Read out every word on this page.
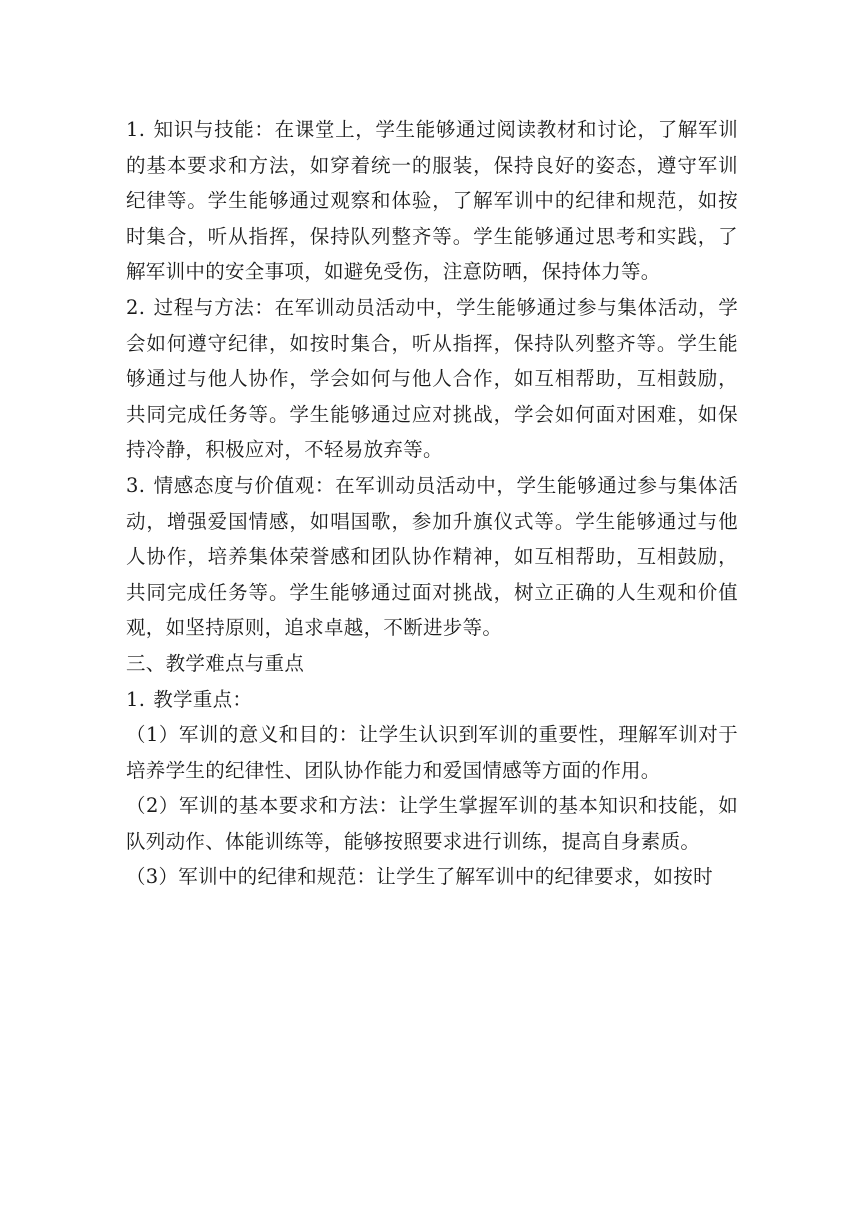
1. 知识与技能：在课堂上，学生能够通过阅读教材和讨论，了解军训的基本要求和方法，如穿着统一的服装，保持良好的姿态，遵守军训纪律等。学生能够通过观察和体验，了解军训中的纪律和规范，如按时集合，听从指挥，保持队列整齐等。学生能够通过思考和实践，了解军训中的安全事项，如避免受伤，注意防晒，保持体力等。

2. 过程与方法：在军训动员活动中，学生能够通过参与集体活动，学会如何遵守纪律，如按时集合，听从指挥，保持队列整齐等。学生能够通过与他人协作，学会如何与他人合作，如互相帮助，互相鼓励，共同完成任务等。学生能够通过应对挑战，学会如何面对困难，如保持冷静，积极应对，不轻易放弃等。

3. 情感态度与价值观：在军训动员活动中，学生能够通过参与集体活动，增强爱国情感，如唱国歌，参加升旗仪式等。学生能够通过与他人协作，培养集体荣誉感和团队协作精神，如互相帮助，互相鼓励，共同完成任务等。学生能够通过面对挑战，树立正确的人生观和价值观，如坚持原则，追求卓越，不断进步等。

三、教学难点与重点

1. 教学重点：

（1）军训的意义和目的：让学生认识到军训的重要性，理解军训对于培养学生的纪律性、团队协作能力和爱国情感等方面的作用。

（2）军训的基本要求和方法：让学生掌握军训的基本知识和技能，如队列动作、体能训练等，能够按照要求进行训练，提高自身素质。

（3）军训中的纪律和规范：让学生了解军训中的纪律要求，如按时
